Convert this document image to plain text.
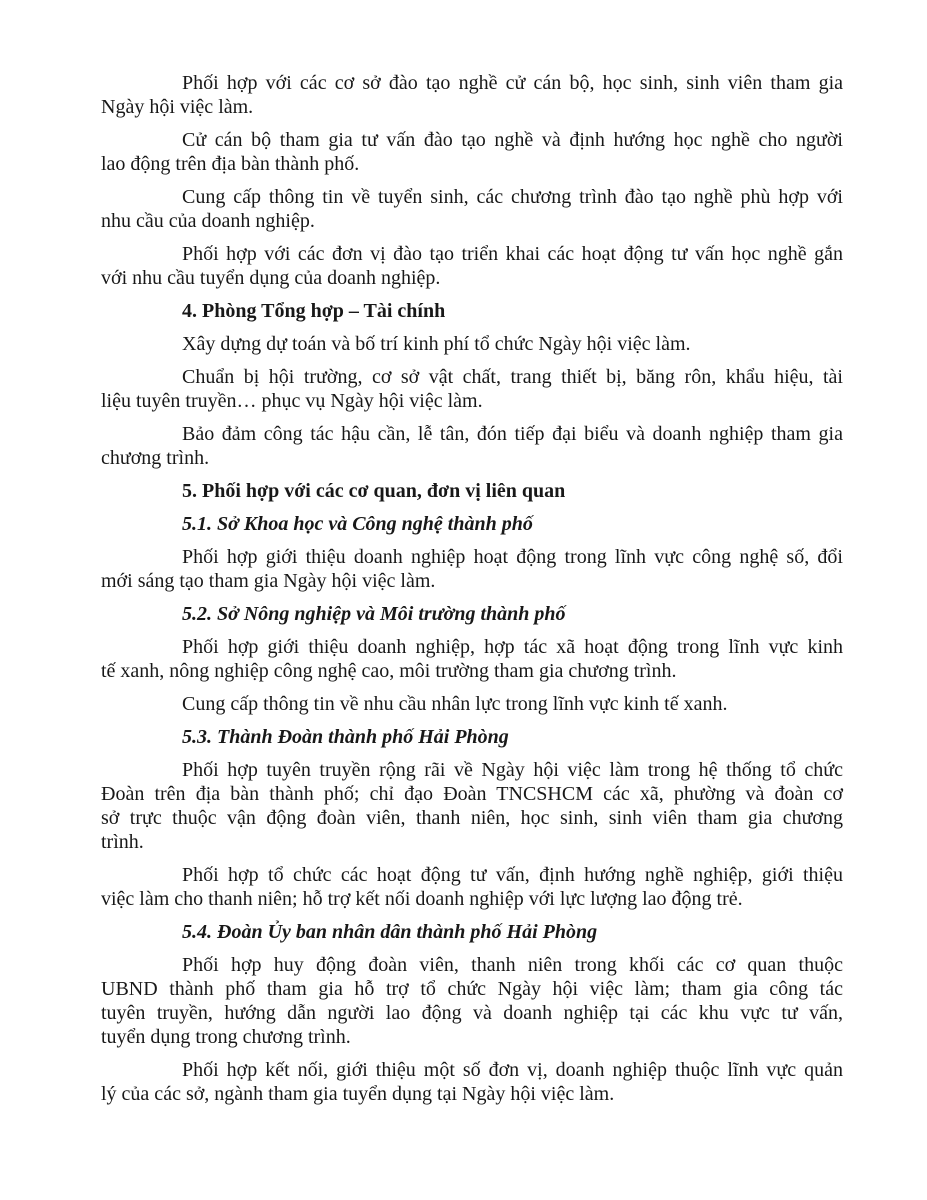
Phối hợp với các cơ sở đào tạo nghề cử cán bộ, học sinh, sinh viên tham gia
Ngày hội việc làm.
Cử cán bộ tham gia tư vấn đào tạo nghề và định hướng học nghề cho người
lao động trên địa bàn thành phố.
Cung cấp thông tin về tuyển sinh, các chương trình đào tạo nghề phù hợp với
nhu cầu của doanh nghiệp.
Phối hợp với các đơn vị đào tạo triển khai các hoạt động tư vấn học nghề gắn
với nhu cầu tuyển dụng của doanh nghiệp.
4. Phòng Tổng hợp – Tài chính
Xây dựng dự toán và bố trí kinh phí tổ chức Ngày hội việc làm.
Chuẩn bị hội trường, cơ sở vật chất, trang thiết bị, băng rôn, khẩu hiệu, tài
liệu tuyên truyền… phục vụ Ngày hội việc làm.
Bảo đảm công tác hậu cần, lễ tân, đón tiếp đại biểu và doanh nghiệp tham gia
chương trình.
5. Phối hợp với các cơ quan, đơn vị liên quan
5.1. Sở Khoa học và Công nghệ thành phố
Phối hợp giới thiệu doanh nghiệp hoạt động trong lĩnh vực công nghệ số, đổi
mới sáng tạo tham gia Ngày hội việc làm.
5.2. Sở Nông nghiệp và Môi trường thành phố
Phối hợp giới thiệu doanh nghiệp, hợp tác xã hoạt động trong lĩnh vực kinh
tế xanh, nông nghiệp công nghệ cao, môi trường tham gia chương trình.
Cung cấp thông tin về nhu cầu nhân lực trong lĩnh vực kinh tế xanh.
5.3. Thành Đoàn thành phố Hải Phòng
Phối hợp tuyên truyền rộng rãi về Ngày hội việc làm trong hệ thống tổ chức
Đoàn trên địa bàn thành phố; chỉ đạo Đoàn TNCSHCM các xã, phường và đoàn cơ
sở trực thuộc vận động đoàn viên, thanh niên, học sinh, sinh viên tham gia chương
trình.
Phối hợp tổ chức các hoạt động tư vấn, định hướng nghề nghiệp, giới thiệu
việc làm cho thanh niên; hỗ trợ kết nối doanh nghiệp với lực lượng lao động trẻ.
5.4. Đoàn Ủy ban nhân dân thành phố Hải Phòng
Phối hợp huy động đoàn viên, thanh niên trong khối các cơ quan thuộc
UBND thành phố tham gia hỗ trợ tổ chức Ngày hội việc làm; tham gia công tác
tuyên truyền, hướng dẫn người lao động và doanh nghiệp tại các khu vực tư vấn,
tuyển dụng trong chương trình.
Phối hợp kết nối, giới thiệu một số đơn vị, doanh nghiệp thuộc lĩnh vực quản
lý của các sở, ngành tham gia tuyển dụng tại Ngày hội việc làm.
